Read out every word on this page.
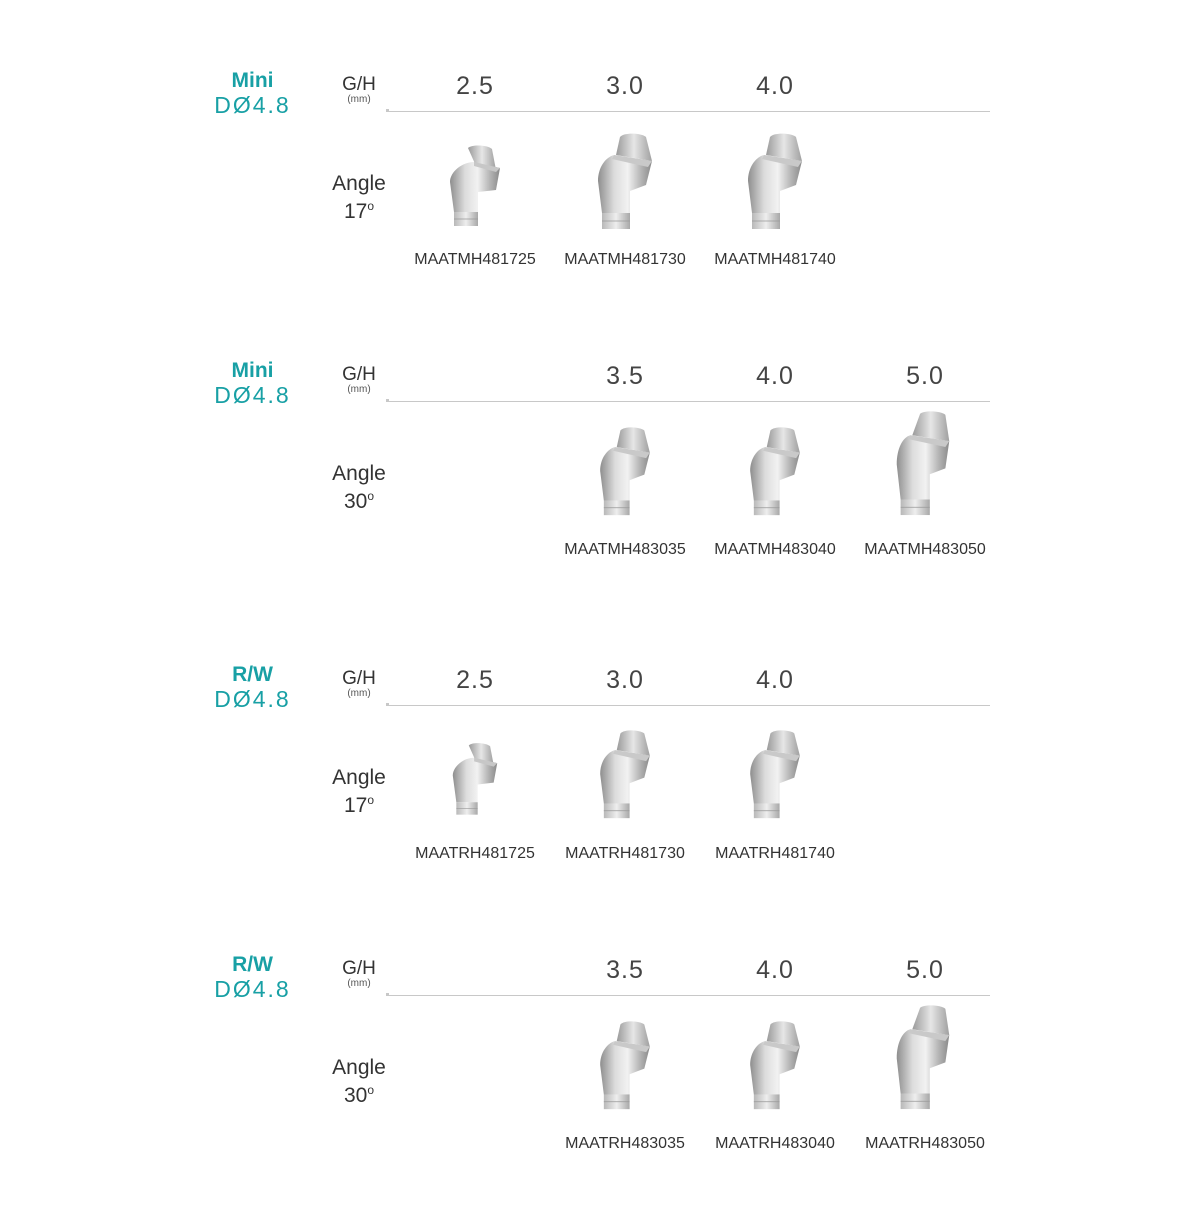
Mini
DØ4.8
G/H
(mm)	2.5	3.0	4.0
Angle
17$^o$
MAATMH481725	MAATMH481730	MAATMH481740
Mini
DØ4.8
G/H
(mm)	3.5	4.0	5.0
Angle
30$^o$
MAATMH483035	MAATMH483040	MAATMH483050
R/W
DØ4.8
G/H
(mm)	2.5	3.0	4.0
Angle
17$^o$
MAATRH481725	MAATRH481730	MAATRH481740
R/W
DØ4.8
G/H
(mm)	3.5	4.0	5.0
Angle
30$^o$
MAATRH483035	MAATRH483040	MAATRH483050
